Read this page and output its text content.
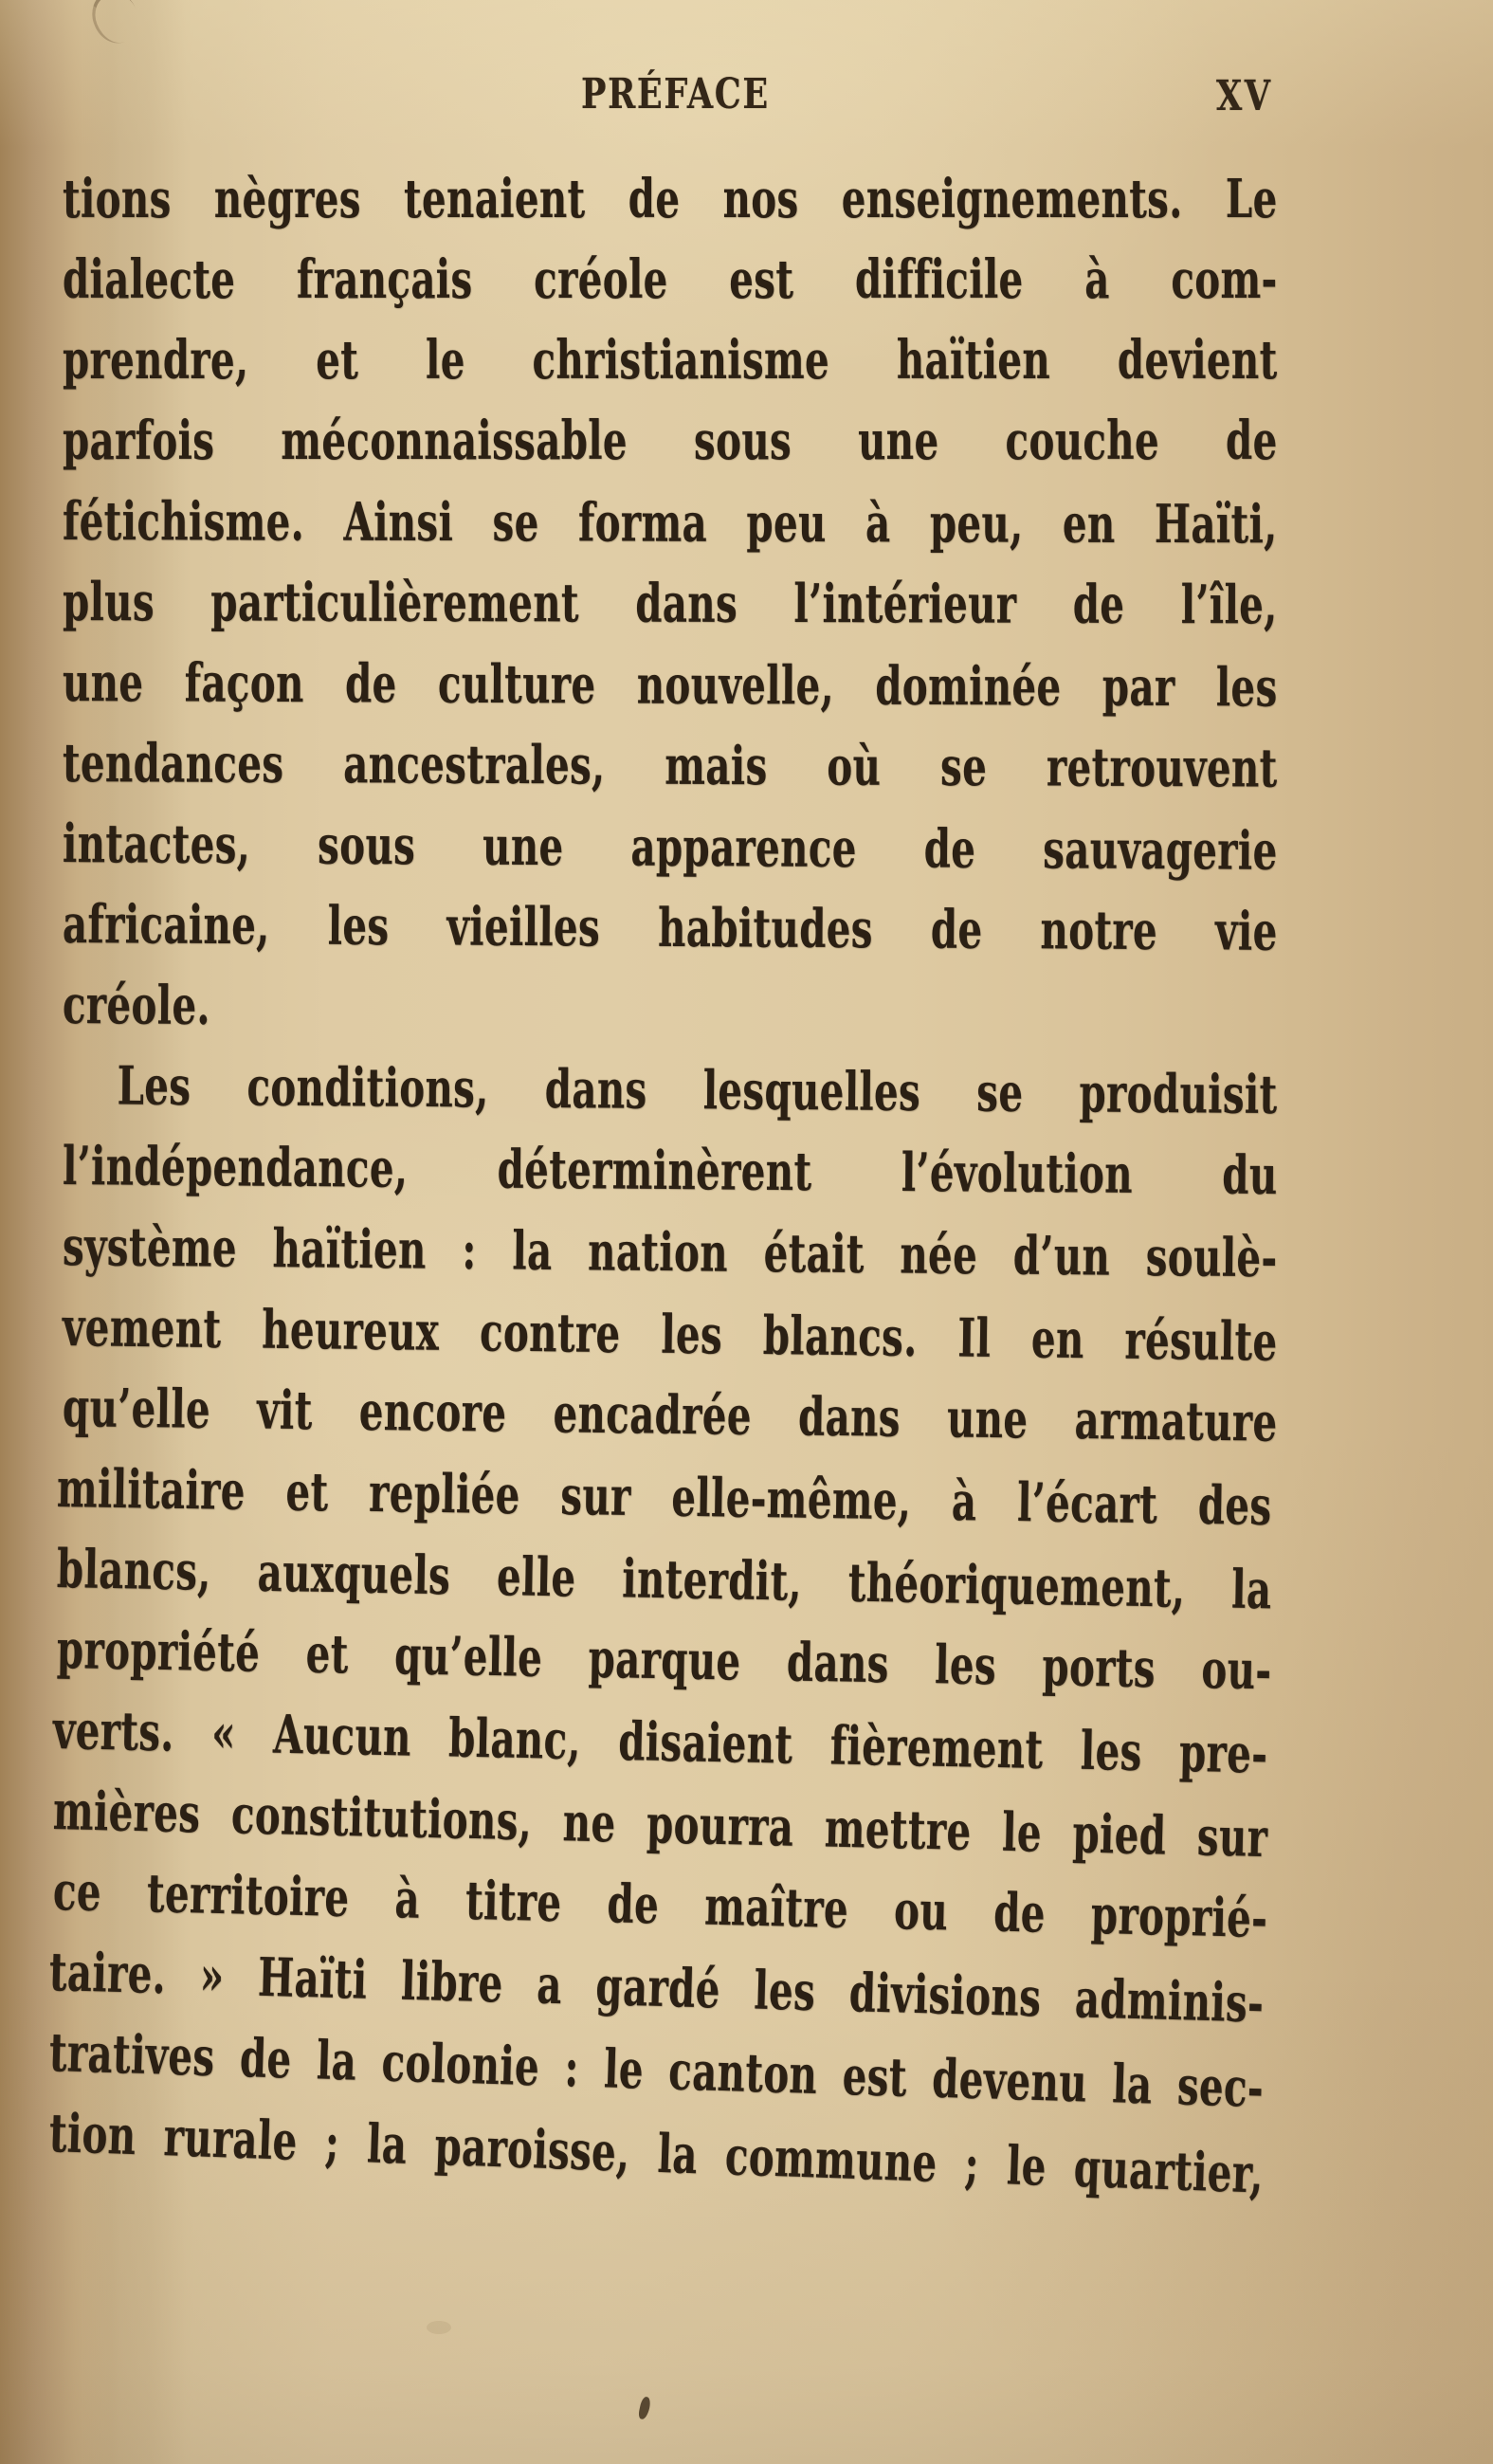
PRÉFACE	XV
tions nègres tenaient de nos enseignements. Le
dialecte français créole est difficile à com-
prendre, et le christianisme haïtien devient
parfois méconnaissable sous une couche de
fétichisme. Ainsi se forma peu à peu, en Haïti,
plus particulièrement dans l’intérieur de l’île,
une façon de culture nouvelle, dominée par les
tendances ancestrales, mais où se retrouvent
intactes, sous une apparence de sauvagerie
africaine, les vieilles habitudes de notre vie
créole.
Les conditions, dans lesquelles se produisit
l’indépendance, déterminèrent l’évolution du
système haïtien : la nation était née d’un soulè-
vement heureux contre les blancs. Il en résulte
qu’elle vit encore encadrée dans une armature
militaire et repliée sur elle-même, à l’écart des
blancs, auxquels elle interdit, théoriquement, la
propriété et qu’elle parque dans les ports ou-
verts. « Aucun blanc, disaient fièrement les pre-
mières constitutions, ne pourra mettre le pied sur
ce territoire à titre de maître ou de proprié-
taire. » Haïti libre a gardé les divisions adminis-
tratives de la colonie : le canton est devenu la sec-
tion rurale ; la paroisse, la commune ; le quartier,
